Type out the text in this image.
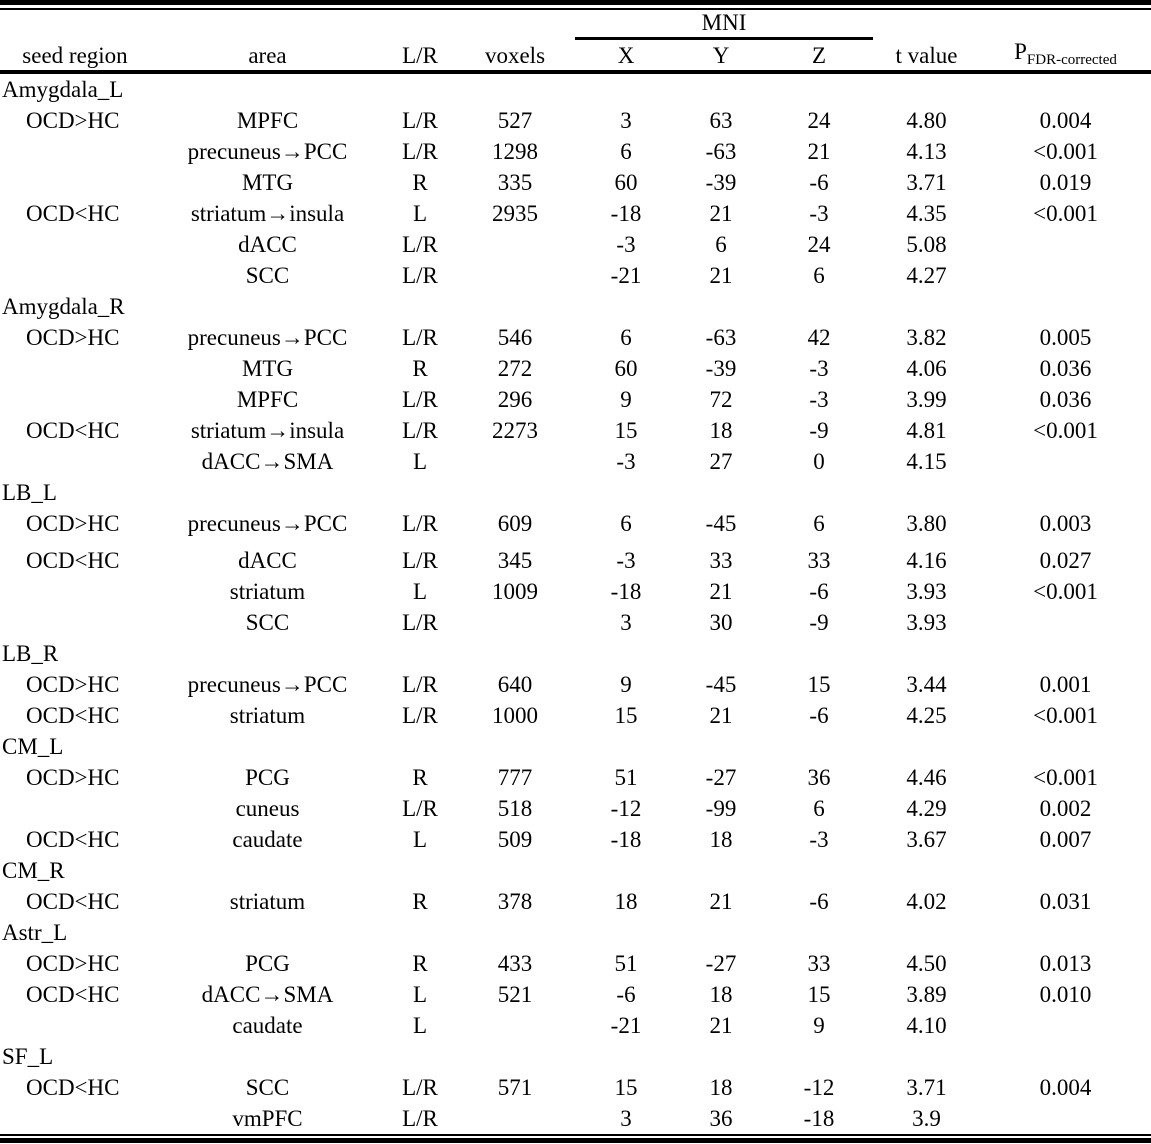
				MNI				
seed region	area	L/R	voxels	X	Y	Z	t value	$P_{FDR-corrected}$
Amygdala_L								
OCD>HC	MPFC	L/R	527	3	63	24	4.80	0.004
	precuneus→PCC	L/R	1298	6	-63	21	4.13	<0.001
	MTG	R	335	60	-39	-6	3.71	0.019
OCD<HC	striatum→insula	L	2935	-18	21	-3	4.35	<0.001
	dACC	L/R		-3	6	24	5.08	
	SCC	L/R		-21	21	6	4.27	
Amygdala_R								
OCD>HC	precuneus→PCC	L/R	546	6	-63	42	3.82	0.005
	MTG	R	272	60	-39	-3	4.06	0.036
	MPFC	L/R	296	9	72	-3	3.99	0.036
OCD<HC	striatum→insula	L/R	2273	15	18	-9	4.81	<0.001
	dACC→SMA	L		-3	27	0	4.15	
LB_L								
OCD>HC	precuneus→PCC	L/R	609	6	-45	6	3.80	0.003
OCD<HC	dACC	L/R	345	-3	33	33	4.16	0.027
	striatum	L	1009	-18	21	-6	3.93	<0.001
	SCC	L/R		3	30	-9	3.93	
LB_R								
OCD>HC	precuneus→PCC	L/R	640	9	-45	15	3.44	0.001
OCD<HC	striatum	L/R	1000	15	21	-6	4.25	<0.001
CM_L								
OCD>HC	PCG	R	777	51	-27	36	4.46	<0.001
	cuneus	L/R	518	-12	-99	6	4.29	0.002
OCD<HC	caudate	L	509	-18	18	-3	3.67	0.007
CM_R								
OCD<HC	striatum	R	378	18	21	-6	4.02	0.031
Astr_L								
OCD>HC	PCG	R	433	51	-27	33	4.50	0.013
OCD<HC	dACC→SMA	L	521	-6	18	15	3.89	0.010
	caudate	L		-21	21	9	4.10	
SF_L								
OCD<HC	SCC	L/R	571	15	18	-12	3.71	0.004
	vmPFC	L/R		3	36	-18	3.9	
